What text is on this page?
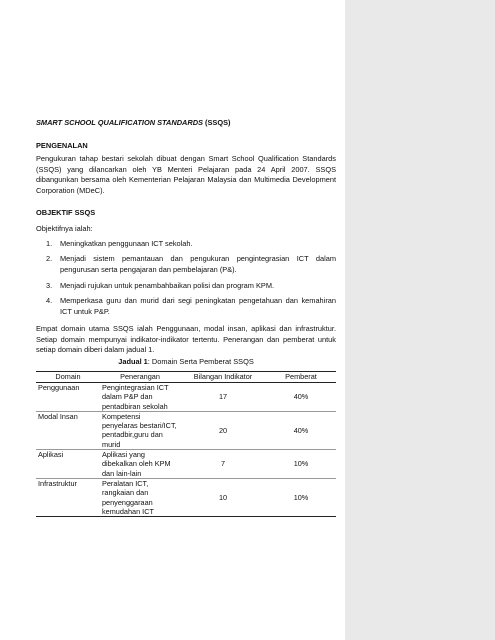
SMART SCHOOL QUALIFICATION STANDARDS (SSQS)
PENGENALAN

Pengukuran tahap bestari sekolah dibuat dengan Smart School Qualification Standards (SSQS) yang dilancarkan oleh YB Menteri Pelajaran pada 24 April 2007. SSQS dibangunkan bersama oleh Kementerian Pelajaran Malaysia dan Multimedia Development Corporation (MDeC).

OBJEKTIF SSQS

Objektifnya ialah:

1. Meningkatkan penggunaan ICT sekolah.
2. Menjadi sistem pemantauan dan pengukuran pengintegrasian ICT dalam pengurusan serta pengajaran dan pembelajaran (P&).
3. Menjadi rujukan untuk penambahbaikan polisi dan program KPM.
4. Memperkasa guru dan murid dari segi peningkatan pengetahuan dan kemahiran ICT untuk P&P.

Empat domain utama SSQS ialah Penggunaan, modal insan, aplikasi dan infrastruktur. Setiap domain mempunyai indikator-indikator tertentu. Penerangan dan pemberat untuk setiap domain diberi dalam jadual 1.

Jadual 1: Domain Serta Pemberat SSQS
Domain	Penerangan	Bilangan Indikator	Pemberat
Penggunaan	Pengintegrasian ICT dalam P&P dan pentadbiran sekolah	17	40%
Modal Insan	Kompetensi penyelaras bestari/ICT, pentadbir,guru dan murid	20	40%
Aplikasi	Aplikasi yang dibekalkan oleh KPM dan lain-lain	7	10%
Infrastruktur	Peralatan ICT, rangkaian dan penyenggaraan kemudahan ICT	10	10%
